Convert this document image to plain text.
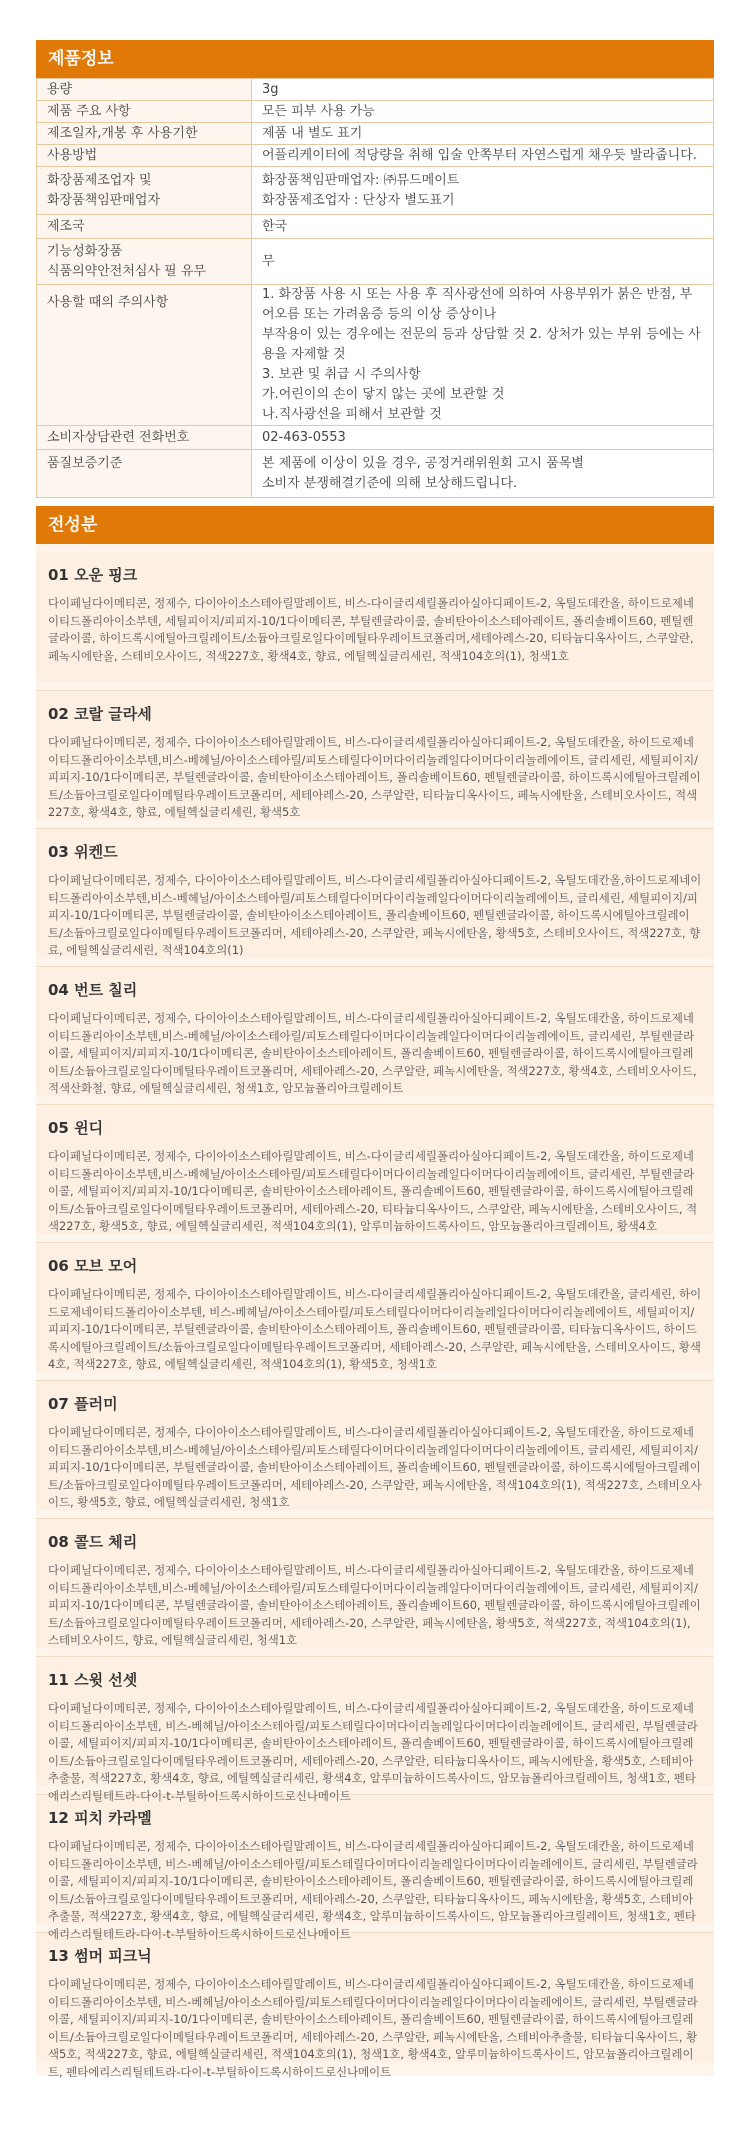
제품정보
용량	3g
제품 주요 사항	모든 피부 사용 가능
제조일자,개봉 후 사용기한	제품 내 별도 표기
사용방법	어플리케이터에 적당량을 취해 입술 안쪽부터 자연스럽게 채우듯 발라줍니다.
화장품제조업자 및
화장품책임판매업자	화장품책임판매업자: ㈜뮤드메이트
화장품제조업자 : 단상자 별도표기
제조국	한국
기능성화장품
식품의약안전처심사 필 유무	무
사용할 때의 주의사항	1. 화장품 사용 시 또는 사용 후 직사광선에 의하여 사용부위가 붉은 반점, 부어오름 또는 가려움증 등의 이상 증상이나
부작용이 있는 경우에는 전문의 등과 상담할 것 2. 상처가 있는 부위 등에는 사용을 자제할 것
3. 보관 및 취급 시 주의사항
가.어린이의 손이 닿지 않는 곳에 보관할 것
나.직사광선을 피해서 보관할 것
소비자상담관련 전화번호	02-463-0553
품질보증기준	본 제품에 이상이 있을 경우, 공정거래위원회 고시 품목별
소비자 분쟁해결기준에 의해 보상해드립니다.
전성분
01 오운 핑크
다이페닐다이메티콘, 정제수, 다이아이소스테아릴말레이트, 비스-다이글리세릴폴리아실아디페이트-2, 옥틸도데칸올, 하이드로제네이티드폴리아이소부텐, 세틸피이지/피피지-10/1다이메티콘, 부틸렌글라이콜, 솔비탄아이소스테아레이트, 폴리솔베이트60, 펜틸렌글라이콜, 하이드록시에틸아크릴레이트/소듐아크릴로일다이메틸타우레이트코폴리머,세테아레스-20, 티타늄디옥사이드, 스쿠알란, 페녹시에탄올, 스테비오사이드, 적색227호, 황색4호, 향료, 에틸헥실글리세린, 적색104호의(1), 청색1호
02 코랄 글라세
다이페닐다이메티콘, 정제수, 다이아이소스테아릴말레이트, 비스-다이글리세릴폴리아실아디페이트-2, 옥틸도데칸올, 하이드로제네이티드폴리아이소부텐,비스-베헤닐/아이소스테아릴/피토스테릴다이머다이리놀레일다이머다이리놀레에이트, 글리세린, 세틸피이지/피피지-10/1다이메티콘, 부틸렌글라이콜, 솔비탄아이소스테아레이트, 폴리솔베이트60, 펜틸렌글라이콜, 하이드록시에틸아크릴레이트/소듐아크릴로일다이메틸타우레이트코폴리머, 세테아레스-20, 스쿠알란, 티타늄디옥사이드, 페녹시에탄올, 스테비오사이드, 적색227호, 황색4호, 향료, 에틸헥실글리세린, 황색5호
03 위켄드
다이페닐다이메티콘, 정제수, 다이아이소스테아릴말레이트, 비스-다이글리세릴폴리아실아디페이트-2, 옥틸도데칸올,하이드로제네이티드폴리아이소부텐,비스-베헤닐/아이소스테아릴/피토스테릴다이머다이리놀레일다이머다이리놀레에이트, 글리세린, 세틸피이지/피피지-10/1다이메티콘, 부틸렌글라이콜, 솔비탄아이소스테아레이트, 폴리솔베이트60, 펜틸렌글라이콜, 하이드록시에틸아크릴레이트/소듐아크릴로일다이메틸타우레이트코폴리머, 세테아레스-20, 스쿠알란, 페녹시에탄올, 황색5호, 스테비오사이드, 적색227호, 향료, 에틸헥실글리세린, 적색104호의(1)
04 번트 칠리
다이페닐다이메티콘, 정제수, 다이아이소스테아릴말레이트, 비스-다이글리세릴폴리아실아디페이트-2, 옥틸도데칸올, 하이드로제네이티드폴리아이소부텐,비스-베헤닐/아이소스테아릴/피토스테릴다이머다이리놀레일다이머다이리놀레에이트, 글리세린, 부틸렌글라이콜, 세틸피이지/피피지-10/1다이메티콘, 솔비탄아이소스테아레이트, 폴리솔베이트60, 펜틸렌글라이콜, 하이드록시에틸아크릴레이트/소듐아크릴로일다이메틸타우레이트코폴리머, 세테아레스-20, 스쿠알란, 페녹시에탄올, 적색227호, 황색4호, 스테비오사이드, 적색산화철, 향료, 에틸헥실글리세린, 청색1호, 암모늄폴리아크릴레이트
05 윈디
다이페닐다이메티콘, 정제수, 다이아이소스테아릴말레이트, 비스-다이글리세릴폴리아실아디페이트-2, 옥틸도데칸올, 하이드로제네이티드폴리아이소부텐,비스-베헤닐/아이소스테아릴/피토스테릴다이머다이리놀레일다이머다이리놀레에이트, 글리세린, 부틸렌글라이콜, 세틸피이지/피피지-10/1다이메티콘, 솔비탄아이소스테아레이트, 폴리솔베이트60, 펜틸렌글라이콜, 하이드록시에틸아크릴레이트/소듐아크릴로일다이메틸타우레이트코폴리머, 세테아레스-20, 티타늄디옥사이드, 스쿠알란, 페녹시에탄올, 스테비오사이드, 적색227호, 황색5호, 향료, 에틸헥실글리세린, 적색104호의(1), 알루미늄하이드록사이드, 암모늄폴리아크릴레이트, 황색4호
06 모브 모어
다이페닐다이메티콘, 정제수, 다이아이소스테아릴말레이트, 비스-다이글리세릴폴리아실아디페이트-2, 옥틸도데칸올, 글리세린, 하이드로제네이티드폴리아이소부텐, 비스-베헤닐/아이소스테아릴/피토스테릴다이머다이리놀레일다이머다이리놀레에이트, 세틸피이지/피피지-10/1다이메티콘, 부틸렌글라이콜, 솔비탄아이소스테아레이트, 폴리솔베이트60, 펜틸렌글라이콜, 티타늄디옥사이드, 하이드록시에틸아크릴레이트/소듐아크릴로일다이메틸타우레이트코폴리머, 세테아레스-20, 스쿠알란, 페녹시에탄올, 스테비오사이드, 황색4호, 적색227호, 향료, 에틸헥실글리세린, 적색104호의(1), 황색5호, 청색1호
07 플러미
다이페닐다이메티콘, 정제수, 다이아이소스테아릴말레이트, 비스-다이글리세릴폴리아실아디페이트-2, 옥틸도데칸올, 하이드로제네이티드폴리아이소부텐,비스-베헤닐/아이소스테아릴/피토스테릴다이머다이리놀레일다이머다이리놀레에이트, 글리세린, 세틸피이지/피피지-10/1다이메티콘, 부틸렌글라이콜, 솔비탄아이소스테아레이트, 폴리솔베이트60, 펜틸렌글라이콜, 하이드록시에틸아크릴레이트/소듐아크릴로일다이메틸타우레이트코폴리머, 세테아레스-20, 스쿠알란, 페녹시에탄올, 적색104호의(1), 적색227호, 스테비오사이드, 황색5호, 향료, 에틸헥실글리세린, 청색1호
08 콜드 체리
다이페닐다이메티콘, 정제수, 다이아이소스테아릴말레이트, 비스-다이글리세릴폴리아실아디페이트-2, 옥틸도데칸올, 하이드로제네이티드폴리아이소부텐,비스-베헤닐/아이소스테아릴/피토스테릴다이머다이리놀레일다이머다이리놀레에이트, 글리세린, 세틸피이지/피피지-10/1다이메티콘, 부틸렌글라이콜, 솔비탄아이소스테아레이트, 폴리솔베이트60, 펜틸렌글라이콜, 하이드록시에틸아크릴레이트/소듐아크릴로일다이메틸타우레이트코폴리머, 세테아레스-20, 스쿠알란, 페녹시에탄올, 황색5호, 적색227호, 적색104호의(1), 스테비오사이드, 향료, 에틸헥실글리세린, 청색1호
11 스윗 선셋
다이페닐다이메티콘, 정제수, 다이아이소스테아릴말레이트, 비스-다이글리세릴폴리아실아디페이트-2, 옥틸도데칸올, 하이드로제네이티드폴리아이소부텐, 비스-베헤닐/아이소스테아릴/피토스테릴다이머다이리놀레일다이머다이리놀레에이트, 글리세린, 부틸렌글라이콜, 세틸피이지/피피지-10/1다이메티콘, 솔비탄아이소스테아레이트, 폴리솔베이트60, 펜틸렌글라이콜, 하이드록시에틸아크릴레이트/소듐아크릴로일다이메틸타우레이트코폴리머, 세테아레스-20, 스쿠알란, 티타늄디옥사이드, 페녹시에탄올, 황색5호, 스테비아추출물, 적색227호, 황색4호, 향료, 에틸헥실글리세린, 황색4호, 알루미늄하이드록사이드, 암모늄폴리아크릴레이트, 청색1호, 펜타에리스리틸테트라-다이-t-부틸하이드록시하이드로신나메이트
12 피치 카라멜
다이페닐다이메티콘, 정제수, 다이아이소스테아릴말레이트, 비스-다이글리세릴폴리아실아디페이트-2, 옥틸도데칸올, 하이드로제네이티드폴리아이소부텐, 비스-베헤닐/아이소스테아릴/피토스테릴다이머다이리놀레일다이머다이리놀레에이트, 글리세린, 부틸렌글라이콜, 세틸피이지/피피지-10/1다이메티콘, 솔비탄아이소스테아레이트, 폴리솔베이트60, 펜틸렌글라이콜, 하이드록시에틸아크릴레이트/소듐아크릴로일다이메틸타우레이트코폴리머, 세테아레스-20, 스쿠알란, 티타늄디옥사이드, 페녹시에탄올, 황색5호, 스테비아추출물, 적색227호, 황색4호, 향료, 에틸헥실글리세린, 황색4호, 알루미늄하이드록사이드, 암모늄폴리아크릴레이트, 청색1호, 펜타에리스리틸테트라-다이-t-부틸하이드록시하이드로신나메이트
13 썸머 피크닉
다이페닐다이메티콘, 정제수, 다이아이소스테아릴말레이트, 비스-다이글리세릴폴리아실아디페이트-2, 옥틸도데칸올, 하이드로제네이티드폴리아이소부텐, 비스-베헤닐/아이소스테아릴/피토스테릴다이머다이리놀레일다이머다이리놀레에이트, 글리세린, 부틸렌글라이콜, 세틸피이지/피피지-10/1다이메티콘, 솔비탄아이소스테아레이트, 폴리솔베이트60, 펜틸렌글라이콜, 하이드록시에틸아크릴레이트/소듐아크릴로일다이메틸타우레이트코폴리머, 세테아레스-20, 스쿠알란, 페녹시에탄올, 스테비아추출물, 티타늄디옥사이드, 황색5호, 적색227호, 향료, 에틸헥실글리세린, 적색104호의(1), 청색1호, 황색4호, 알루미늄하이드록사이드, 암모늄폴리아크릴레이트, 펜타에리스리틸테트라-다이-t-부틸하이드록시하이드로신나메이트
